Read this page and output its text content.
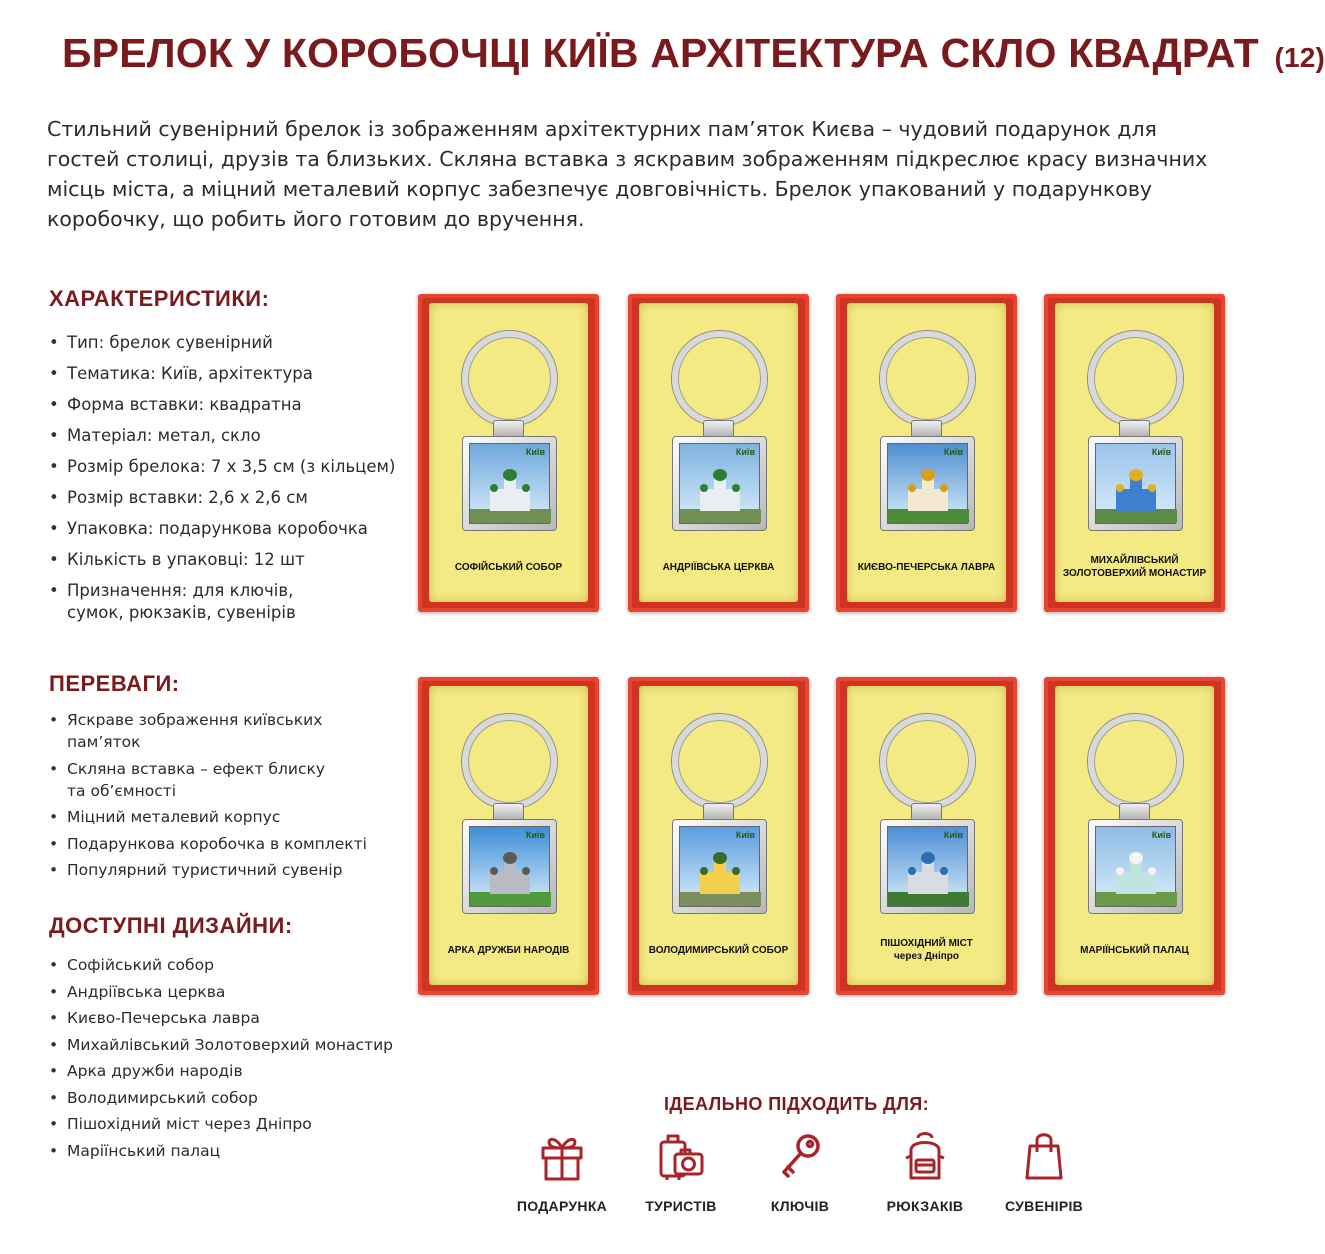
БРЕЛОК У КОРОБОЧЦІ КИЇВ АРХІТЕКТУРА СКЛО КВАДРАТ (12)
Стильний сувенірний брелок із зображенням архітектурних пам’яток Києва – чудовий подарунок для гостей столиці, друзів та близьких. Скляна вставка з яскравим зображенням підкреслює красу визначних місць міста, а міцний металевий корпус забезпечує довговічність. Брелок упакований у подарункову коробочку, що робить його готовим до вручення.
ХАРАКТЕРИСТИКИ:
• Тип: брелок сувенірний
• Тематика: Київ, архітектура
• Форма вставки: квадратна
• Матеріал: метал, скло
• Розмір брелока: 7 х 3,5 см (з кільцем)
• Розмір вставки: 2,6 х 2,6 см
• Упаковка: подарункова коробочка
• Кількість в упаковці: 12 шт
• Призначення: для ключів, сумок, рюкзаків, сувенірів
ПЕРЕВАГИ:
• Яскраве зображення київських пам’яток
• Скляна вставка – ефект блиску та об’ємності
• Міцний металевий корпус
• Подарункова коробочка в комплекті
• Популярний туристичний сувенір
ДОСТУПНІ ДИЗАЙНИ:
• Софійський собор
• Андріївська церква
• Києво-Печерська лавра
• Михайлівський Золотоверхий монастир
• Арка дружби народів
• Володимирський собор
• Пішохідний міст через Дніпро
• Маріїнський палац
Київ
СОФІЙСЬКИЙ СОБОР
Київ
АНДРІЇВСЬКА ЦЕРКВА
Київ
КИЄВО-ПЕЧЕРСЬКА ЛАВРА
Київ
МИХАЙЛІВСЬКИЙ
ЗОЛОТОВЕРХИЙ МОНАСТИР
Київ
АРКА ДРУЖБИ НАРОДІВ
Київ
ВОЛОДИМИРСЬКИЙ СОБОР
Київ
ПІШОХІДНИЙ МІСТ
через Дніпро
Київ
МАРІЇНСЬКИЙ ПАЛАЦ
ІДЕАЛЬНО ПІДХОДИТЬ ДЛЯ:
ПОДАРУНКА	ТУРИСТІВ	КЛЮЧІВ	РЮКЗАКІВ	СУВЕНІРІВ
